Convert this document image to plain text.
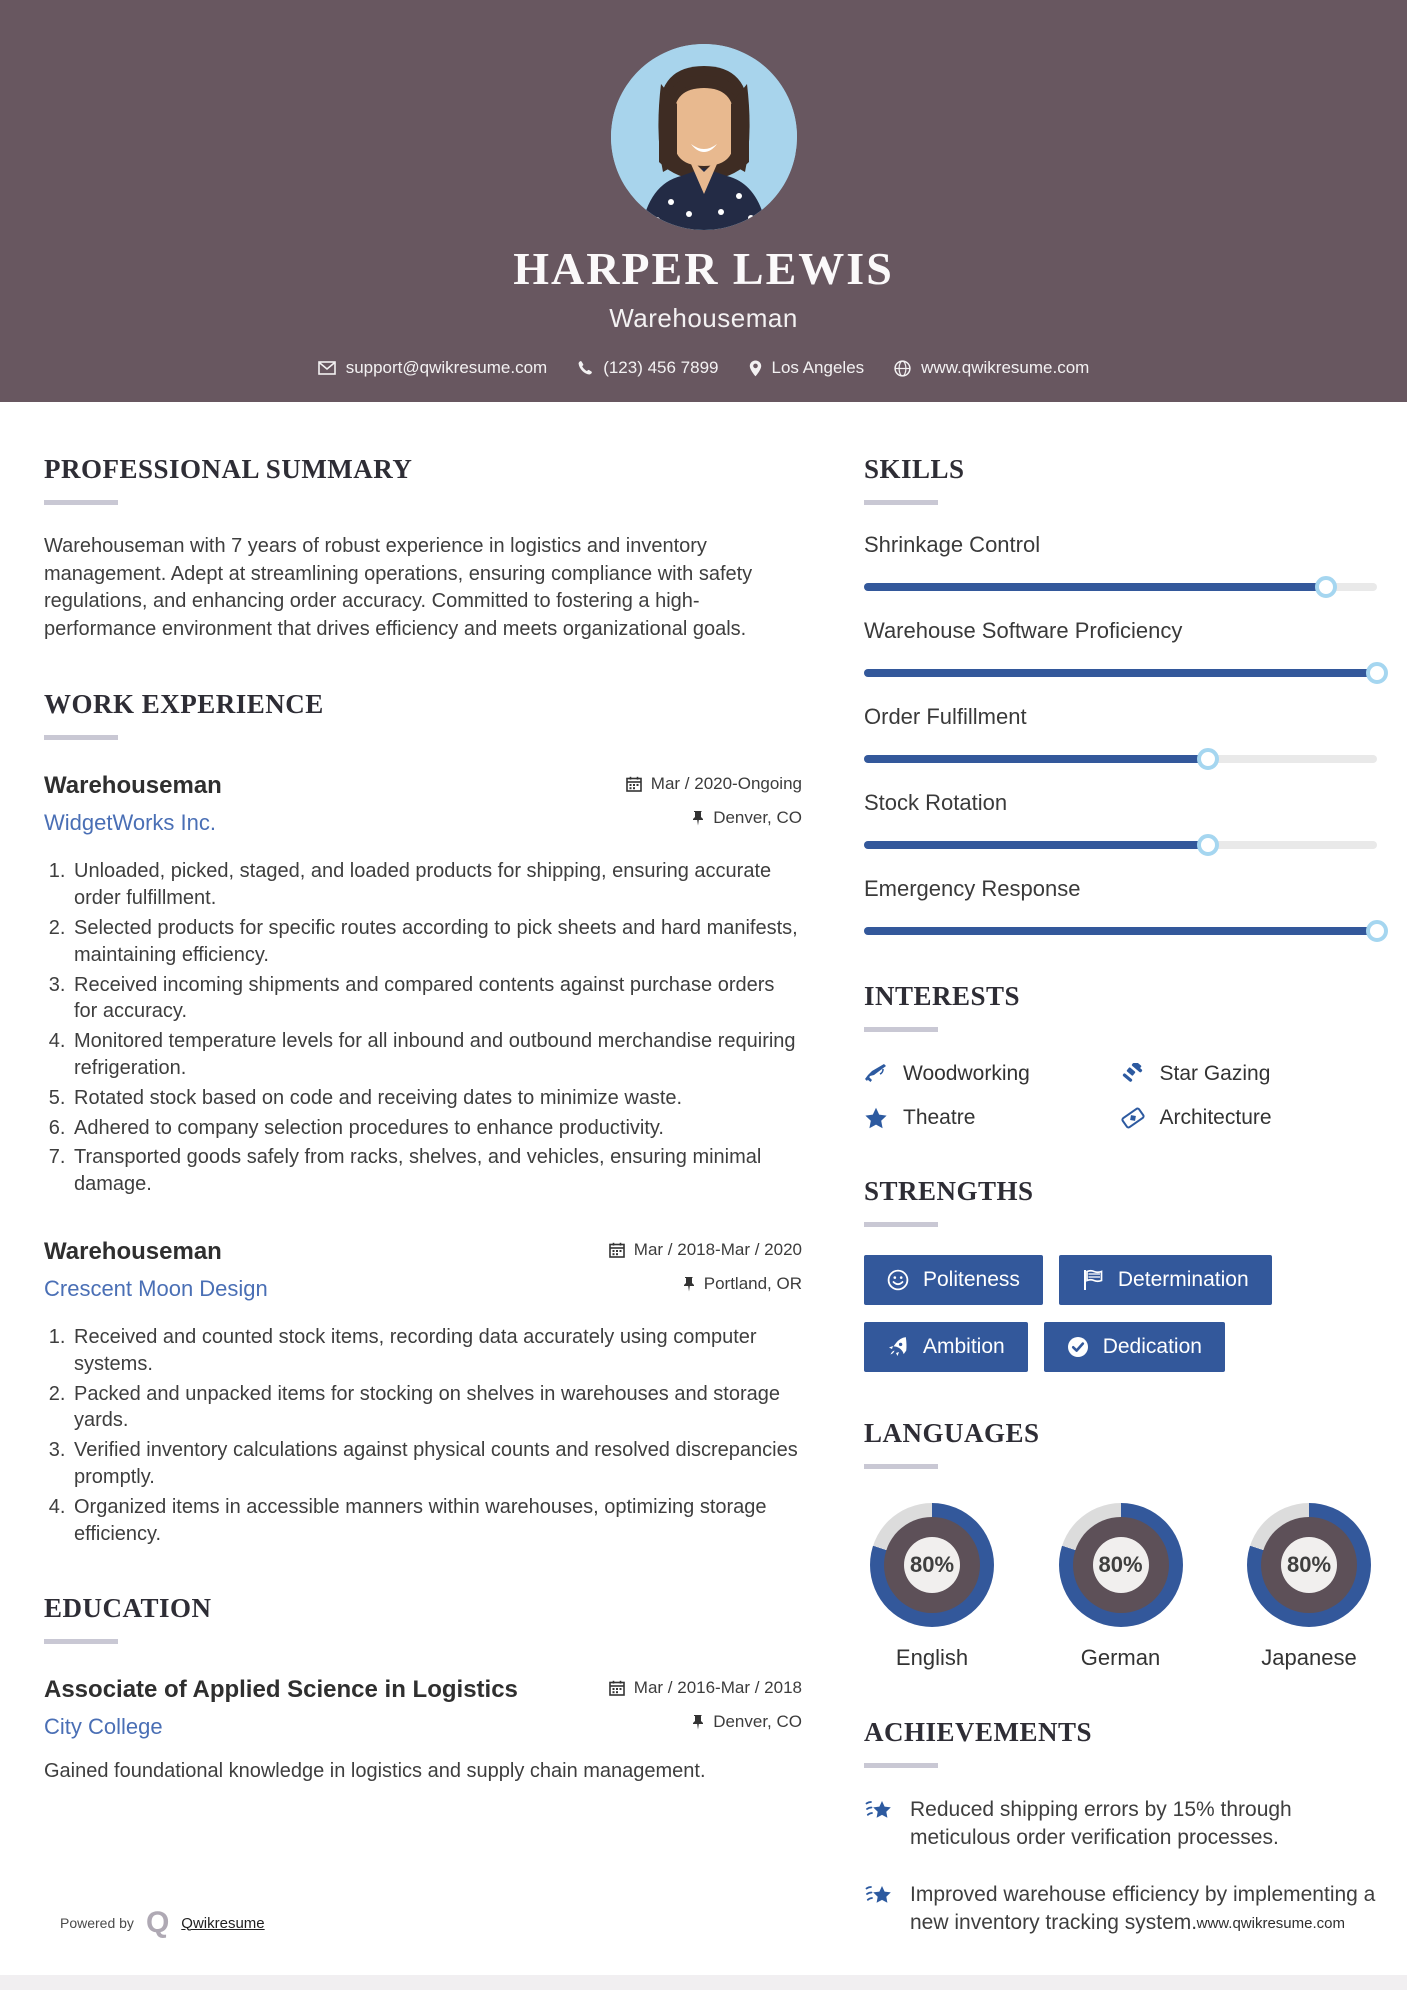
HARPER LEWIS
Warehouseman
support@qwikresume.com	(123) 456 7899	Los Angeles	www.qwikresume.com
PROFESSIONAL SUMMARY

Warehouseman with 7 years of robust experience in logistics and inventory management. Adept at streamlining operations, ensuring compliance with safety regulations, and enhancing order accuracy. Committed to fostering a high-performance environment that drives efficiency and meets organizational goals.

WORK EXPERIENCE
Warehouseman
WidgetWorks Inc.
Mar / 2020-Ongoing
Denver, CO
1. Unloaded, picked, staged, and loaded products for shipping, ensuring accurate order fulfillment.
2. Selected products for specific routes according to pick sheets and hard manifests, maintaining efficiency.
3. Received incoming shipments and compared contents against purchase orders for accuracy.
4. Monitored temperature levels for all inbound and outbound merchandise requiring refrigeration.
5. Rotated stock based on code and receiving dates to minimize waste.
6. Adhered to company selection procedures to enhance productivity.
7. Transported goods safely from racks, shelves, and vehicles, ensuring minimal damage.
Warehouseman
Crescent Moon Design
Mar / 2018-Mar / 2020
Portland, OR
1. Received and counted stock items, recording data accurately using computer systems.
2. Packed and unpacked items for stocking on shelves in warehouses and storage yards.
3. Verified inventory calculations against physical counts and resolved discrepancies promptly.
4. Organized items in accessible manners within warehouses, optimizing storage efficiency.
EDUCATION
Associate of Applied Science in Logistics
City College
Mar / 2016-Mar / 2018
Denver, CO

Gained foundational knowledge in logistics and supply chain management.

SKILLS
Shrinkage Control
Warehouse Software Proficiency
Order Fulfillment
Stock Rotation
Emergency Response
INTERESTS
Woodworking	Star Gazing
Theatre	Architecture
STRENGTHS
Politeness	Determination
Ambition	Dedication
LANGUAGES
80%
English
80%
German
80%
Japanese
ACHIEVEMENTS
Reduced shipping errors by 15% through meticulous order verification processes.
Improved warehouse efficiency by implementing a new inventory tracking system.
Powered by Q Qwikresume	www.qwikresume.com
